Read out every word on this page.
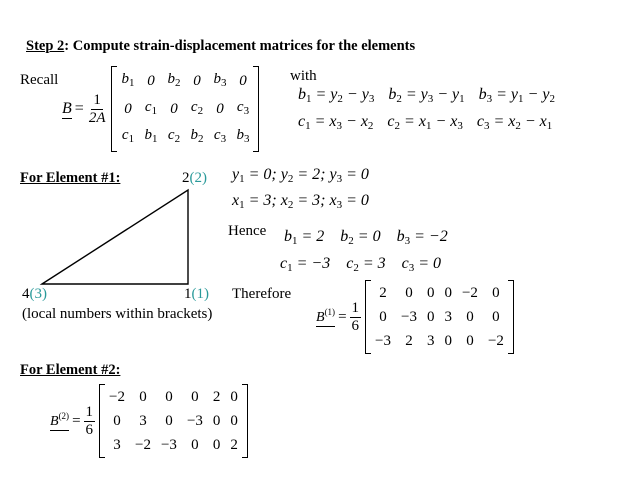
Step 2: Compute strain-displacement matrices for the elements
Recall
$B = \frac{1}{2A}$
$b_1$	0	$b_2$	0	$b_3$	0
0	$c_1$	0	$c_2$	0	$c_3$
$c_1$	$b_1$	$c_2$	$b_2$	$c_3$	$b_3$
with
$b_1 = y_2 - y_3$ $b_2 = y_3 - y_1$ $b_3 = y_1 - y_2$
$c_1 = x_3 - x_2$ $c_2 = x_1 - x_3$ $c_3 = x_2 - x_1$
For Element #1:	2(2)
4(3)	1(1)
(local numbers within brackets)
$y_1 = 0$; $y_2 = 2$; $y_3 = 0$
$x_1 = 3$; $x_2 = 3$; $x_3 = 0$
Hence $b_1 = 2$ $b_2 = 0$ $b_3 = -2$
$c_1 = -3$ $c_2 = 3$ $c_3 = 0$
Therefore
$B^{(1)} = \frac{1}{6}$
2	0	0	0	−2	0
0	−3	0	3	0	0
−3	2	3	0	0	−2
For Element #2:
$B^{(2)} = \frac{1}{6}$
−2	0	0	0	2	0
0	3	0	−3	0	0
3	−2	−3	0	0	2
